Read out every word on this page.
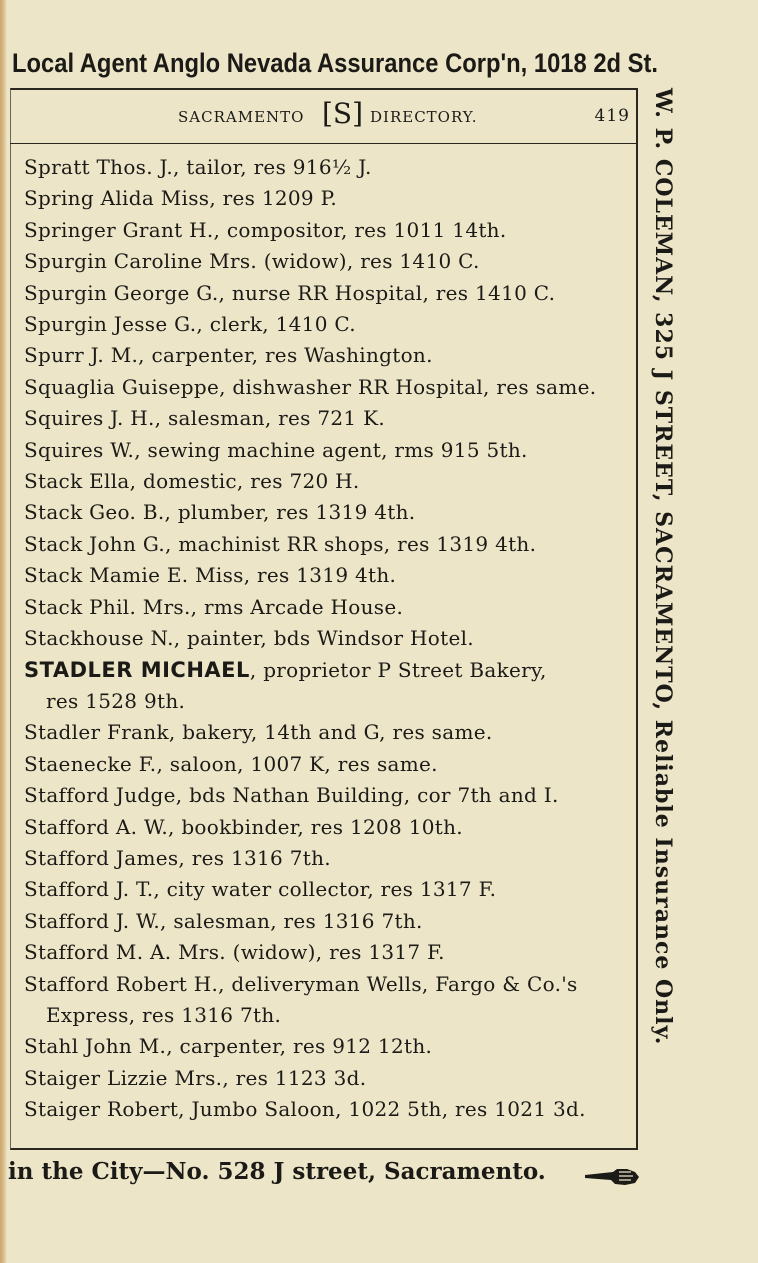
Local Agent Anglo Nevada Assurance Corp'n, 1018 2d St.
SACRAMENTO [S] DIRECTORY.	419
Spratt Thos. J., tailor, res 916½ J.
Spring Alida Miss, res 1209 P.
Springer Grant H., compositor, res 1011 14th.
Spurgin Caroline Mrs. (widow), res 1410 C.
Spurgin George G., nurse RR Hospital, res 1410 C.
Spurgin Jesse G., clerk, 1410 C.
Spurr J. M., carpenter, res Washington.
Squaglia Guiseppe, dishwasher RR Hospital, res same.
Squires J. H., salesman, res 721 K.
Squires W., sewing machine agent, rms 915 5th.
Stack Ella, domestic, res 720 H.
Stack Geo. B., plumber, res 1319 4th.
Stack John G., machinist RR shops, res 1319 4th.
Stack Mamie E. Miss, res 1319 4th.
Stack Phil. Mrs., rms Arcade House.
Stackhouse N., painter, bds Windsor Hotel.
STADLER MICHAEL, proprietor P Street Bakery,
res 1528 9th.
Stadler Frank, bakery, 14th and G, res same.
Staenecke F., saloon, 1007 K, res same.
Stafford Judge, bds Nathan Building, cor 7th and I.
Stafford A. W., bookbinder, res 1208 10th.
Stafford James, res 1316 7th.
Stafford J. T., city water collector, res 1317 F.
Stafford J. W., salesman, res 1316 7th.
Stafford M. A. Mrs. (widow), res 1317 F.
Stafford Robert H., deliveryman Wells, Fargo & Co.'s
Express, res 1316 7th.
Stahl John M., carpenter, res 912 12th.
Staiger Lizzie Mrs., res 1123 3d.
Staiger Robert, Jumbo Saloon, 1022 5th, res 1021 3d.
W. P. COLEMAN, 325 J STREET, SACRAMENTO, Reliable Insurance Only.
in the City—No. 528 J street, Sacramento.
